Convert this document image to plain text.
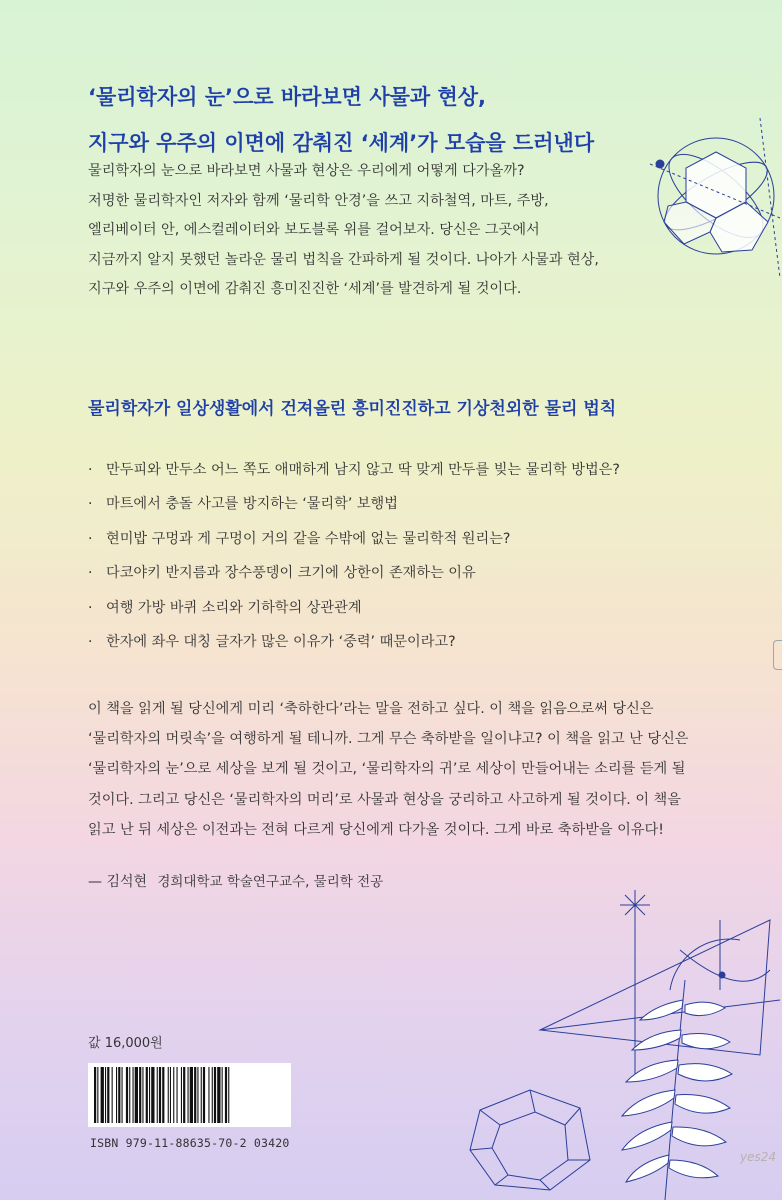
‘물리학자의 눈’으로 바라보면 사물과 현상,
지구와 우주의 이면에 감춰진 ‘세계’가 모습을 드러낸다
물리학자의 눈으로 바라보면 사물과 현상은 우리에게 어떻게 다가올까?
저명한 물리학자인 저자와 함께 ‘물리학 안경’을 쓰고 지하철역, 마트, 주방,
엘리베이터 안, 에스컬레이터와 보도블록 위를 걸어보자. 당신은 그곳에서
지금까지 알지 못했던 놀라운 물리 법칙을 간파하게 될 것이다. 나아가 사물과 현상,
지구와 우주의 이면에 감춰진 흥미진진한 ‘세계’를 발견하게 될 것이다.
물리학자가 일상생활에서 건져올린 흥미진진하고 기상천외한 물리 법칙
· 만두피와 만두소 어느 쪽도 애매하게 남지 않고 딱 맞게 만두를 빚는 물리학 방법은?
· 마트에서 충돌 사고를 방지하는 ‘물리학’ 보행법
· 현미밥 구멍과 게 구멍이 거의 같을 수밖에 없는 물리학적 원리는?
· 다코야키 반지름과 장수풍뎅이 크기에 상한이 존재하는 이유
· 여행 가방 바퀴 소리와 기하학의 상관관계
· 한자에 좌우 대칭 글자가 많은 이유가 ‘중력’ 때문이라고?
이 책을 읽게 될 당신에게 미리 ‘축하한다’라는 말을 전하고 싶다. 이 책을 읽음으로써 당신은
‘물리학자의 머릿속’을 여행하게 될 테니까. 그게 무슨 축하받을 일이냐고? 이 책을 읽고 난 당신은
‘물리학자의 눈’으로 세상을 보게 될 것이고, ‘물리학자의 귀’로 세상이 만들어내는 소리를 듣게 될
것이다. 그리고 당신은 ‘물리학자의 머리’로 사물과 현상을 궁리하고 사고하게 될 것이다. 이 책을
읽고 난 뒤 세상은 이전과는 전혀 다르게 당신에게 다가올 것이다. 그게 바로 축하받을 이유다!
— 김석현 경희대학교 학술연구교수, 물리학 전공
값 16,000원
ISBN 979-11-88635-70-2 03420
yes24
